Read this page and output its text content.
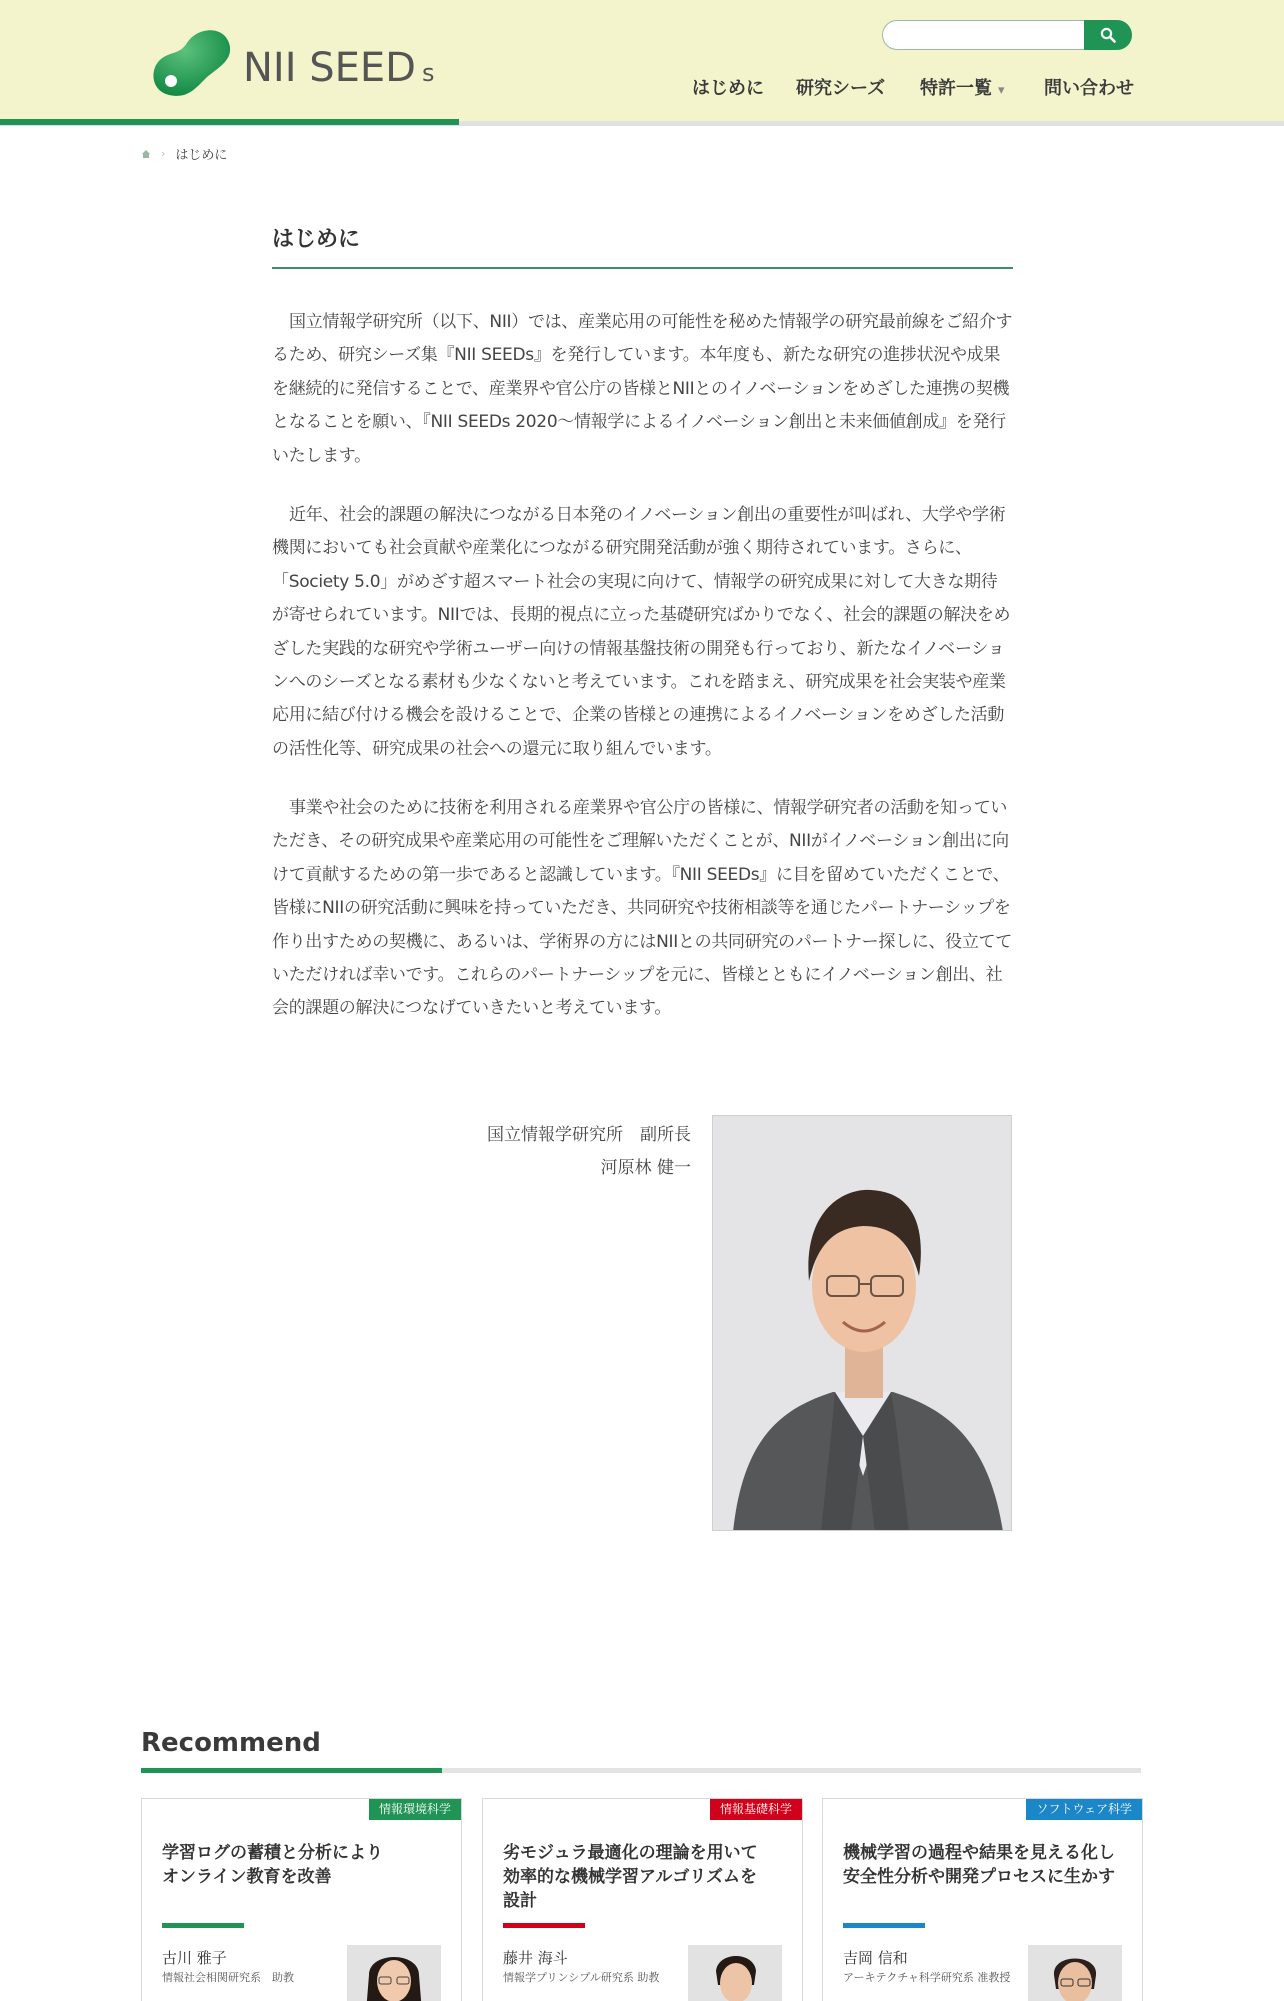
NII SEED s
はじめに 研究シーズ 特許一覧 ▾ 問い合わせ
› はじめに
はじめに

国立情報学研究所（以下、NII）では、産業応用の可能性を秘めた情報学の研究最前線をご紹介するため、研究シーズ集『NII SEEDs』を発行しています。本年度も、新たな研究の進捗状況や成果を継続的に発信することで、産業界や官公庁の皆様とNIIとのイノベーションをめざした連携の契機となることを願い、『NII SEEDs 2020～情報学によるイノベーション創出と未来価値創成』を発行いたします。

近年、社会的課題の解決につながる日本発のイノベーション創出の重要性が叫ばれ、大学や学術機関においても社会貢献や産業化につながる研究開発活動が強く期待されています。さらに、「Society 5.0」がめざす超スマート社会の実現に向けて、情報学の研究成果に対して大きな期待が寄せられています。NIIでは、長期的視点に立った基礎研究ばかりでなく、社会的課題の解決をめざした実践的な研究や学術ユーザー向けの情報基盤技術の開発も行っており、新たなイノベーションへのシーズとなる素材も少なくないと考えています。これを踏まえ、研究成果を社会実装や産業応用に結び付ける機会を設けることで、企業の皆様との連携によるイノベーションをめざした活動の活性化等、研究成果の社会への還元に取り組んでいます。

事業や社会のために技術を利用される産業界や官公庁の皆様に、情報学研究者の活動を知っていただき、その研究成果や産業応用の可能性をご理解いただくことが、NIIがイノベーション創出に向けて貢献するための第一歩であると認識しています。『NII SEEDs』に目を留めていただくことで、皆様にNIIの研究活動に興味を持っていただき、共同研究や技術相談等を通じたパートナーシップを作り出すための契機に、あるいは、学術界の方にはNIIとの共同研究のパートナー探しに、役立てていただければ幸いです。これらのパートナーシップを元に、皆様とともにイノベーション創出、社会的課題の解決につなげていきたいと考えています。

国立情報学研究所　副所長
河原林 健一
Recommend
情報環境科学
学習ログの蓄積と分析により
オンライン教育を改善
古川 雅子
情報社会相関研究系　助教
情報基礎科学
劣モジュラ最適化の理論を用いて
効率的な機械学習アルゴリズムを
設計
藤井 海斗
情報学プリンシプル研究系 助教
ソフトウェア科学
機械学習の過程や結果を見える化し
安全性分析や開発プロセスに生かす
吉岡 信和
アーキテクチャ科学研究系 准教授
